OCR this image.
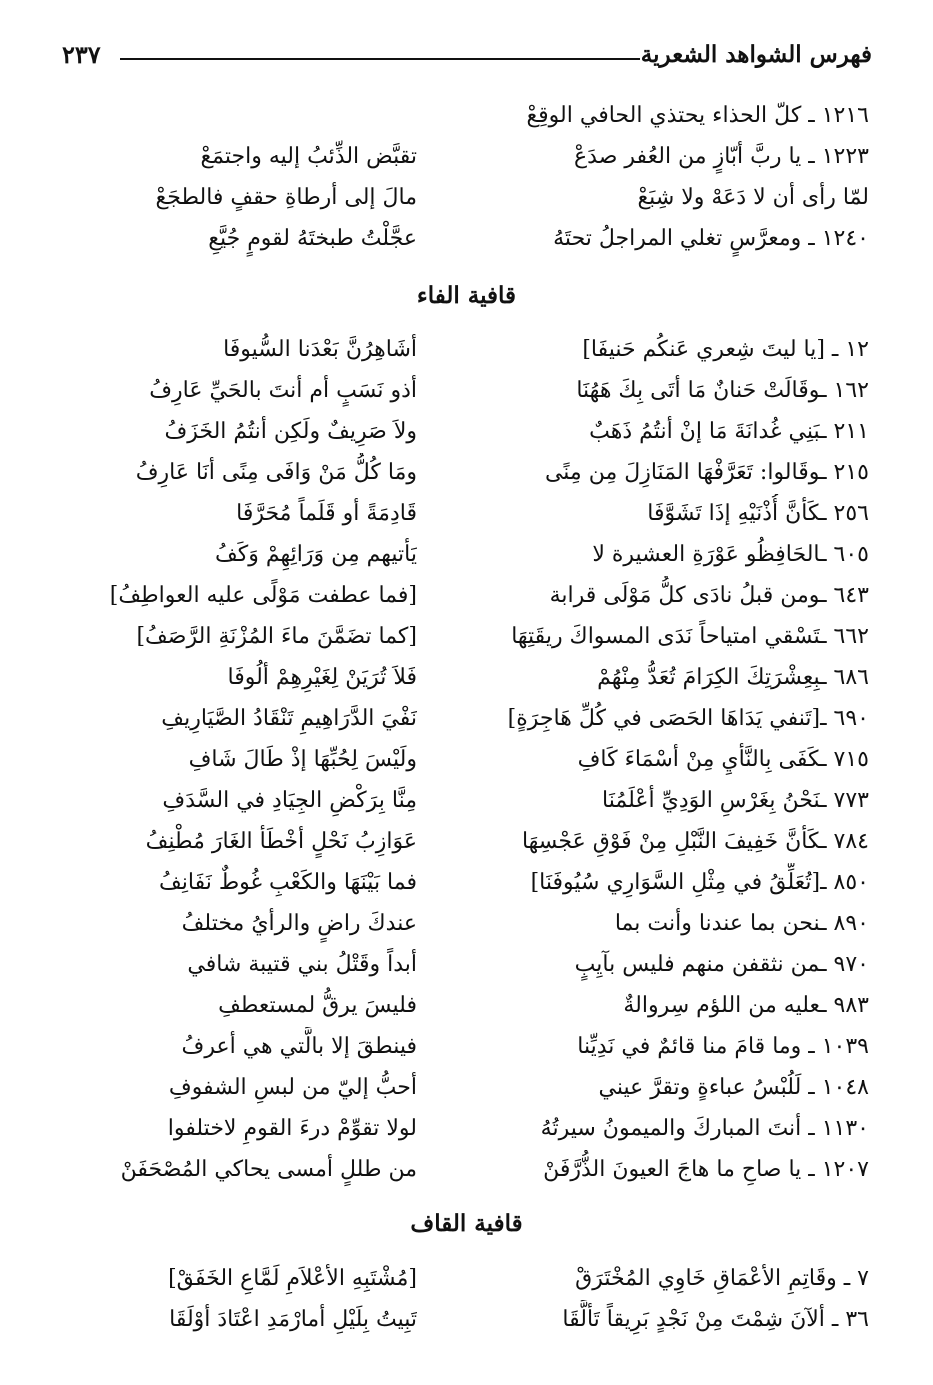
٢٣٧	فهرس الشواهد الشعرية
١٢١٦ ـ كلّ الحذاء يحتذي الحافي الوقِعْ
١٢٢٣ ـ يا ربَّ أبّازٍ من العُفر صدَعْ
تقبَّض الذِّئبُ إليه واجتمَعْ
لمّا رأى أن لا دَعَهْ ولا شِبَعْ
مالَ إلى أرطاةِ حقفٍ فالطجَعْ
١٢٤٠ ـ ومعرَّسٍ تغلي المراجلُ تحتَهُ
عجَّلْتُ طبختَهُ لقومٍ جُيَّعِ
قافية الفاء
١٢ ـ [يا ليتَ شِعري عَنكُم حَنيفَا]
أشَاهِرُنَّ بَعْدَنا السُّيوفَا
١٦٢ ـوقَالَتْ حَنانٌ مَا أتَى بِكَ هَهُنَا
أذو نَسَبٍ أم أنتَ بالحَيِّ عَارِفُ
٢١١ ـبَنِي غُدانَةَ مَا إنْ أنتُمُ ذَهَبٌ
ولاَ صَرِيفٌ ولَكِن أنتُمُ الخَزَفُ
٢١٥ ـوقَالوا: تَعَرَّفْهَا المَنَازِلَ مِن مِنًى
ومَا كُلُّ مَنْ وَافَى مِنًى أنَا عَارِفُ
٢٥٦ ـكَأنَّ أُذْنَيْهِ إذَا تَشَوَّفَا
قَادِمَةً أو قَلَماً مُحَرَّفَا
٦٠٥ ـالحَافِظُو عَوْرَةِ العشيرة لا
يَأتيهم مِن وَرَائِهِمْ وَكَفُ
٦٤٣ ـومن قبلُ نادَى كلُّ مَوْلَى قرابة
[فما عطفت مَوْلًى عليه العواطِفُ]
٦٦٢ ـتَسْقي امتياحاً نَدَى المسواكَ ريقَتِهَا
[كما تضَمَّنَ ماءَ المُزْنَةِ الرَّصَفُ]
٦٨٦ ـبِعِشْرَتِكَ الكِرَامَ تُعَدُّ مِنْهُمْ
فَلاَ تُرَيَنْ لِغَيْرِهِمْ ألُوفَا
٦٩٠ ـ[تَنفي يَدَاهَا الحَصَى في كُلِّ هَاجِرَةٍ]
نَفْيَ الدَّرَاهِيمِ تَنْقَادُ الصَّيَارِيفِ
٧١٥ ـكَفَى بِالنَّأيِ مِنْ أسْمَاءَ كَافِ
ولَيْسَ لِحُبِّهَا إذْ طَالَ شَافِ
٧٧٣ ـنَحْنُ بِغَرْسِ الوَدِيِّ أعْلَمُنَا
مِنَّا بِرَكْضِ الجِيَادِ في السَّدَفِ
٧٨٤ ـكَأنَّ خَفِيفَ النَّبْلِ مِنْ فَوْقِ عَجْسِهَا
عَوَازِبُ نَحْلٍ أخْطَأ الغَارَ مُطْنِفُ
٨٥٠ ـ[تُعَلِّقُ في مِثْلِ السَّوَارِي سُيُوفَنَا]
فما بَيْنَهَا والكَعْبِ غُوطٌ نَفَانِفُ
٨٩٠ ـنحن بما عندنا وأنت بما
عندكَ راضٍ والرأيُ مختلفُ
٩٧٠ ـمن نثقفن منهم فليس بآيِبٍ
أبداً وقَتْلُ بني قتيبة شافي
٩٨٣ ـعليه من اللؤم سِروالةٌ
فليسَ يرقُّ لمستعطفِ
١٠٣٩ ـ وما قامَ منا قائمٌ في نَدِيِّنا
فينطقَ إلا بالَّتي هي أعرفُ
١٠٤٨ ـ لَلُبْسُ عباءةٍ وتقرَّ عيني
أحبُّ إليّ من لبسِ الشفوفِ
١١٣٠ ـ أنتَ المباركَ والميمونُ سيرتُهُ
لولا تقوِّمْ درءَ القومِ لاختلفوا
١٢٠٧ ـ يا صاحِ ما هاجَ العيونَ الذُّرَّفَنْ
من طللٍ أمسى يحاكي المُصْحَفَنْ
قافية القاف
٧ ـ وقَاتِمِ الأعْمَاقِ خَاوِي المُخْتَرَقْ
[مُشْتَبِهِ الأعْلاَمِ لَمَّاعِ الخَفَقْ]
٣٦ ـ ألآنَ شِمْتَ مِنْ نَجْدٍ بَرِيقاً تَألَّقَا
تَبِيتُ بِلَيْلِ أمارْمَدِ اعْتَادَ أوْلَقَا
